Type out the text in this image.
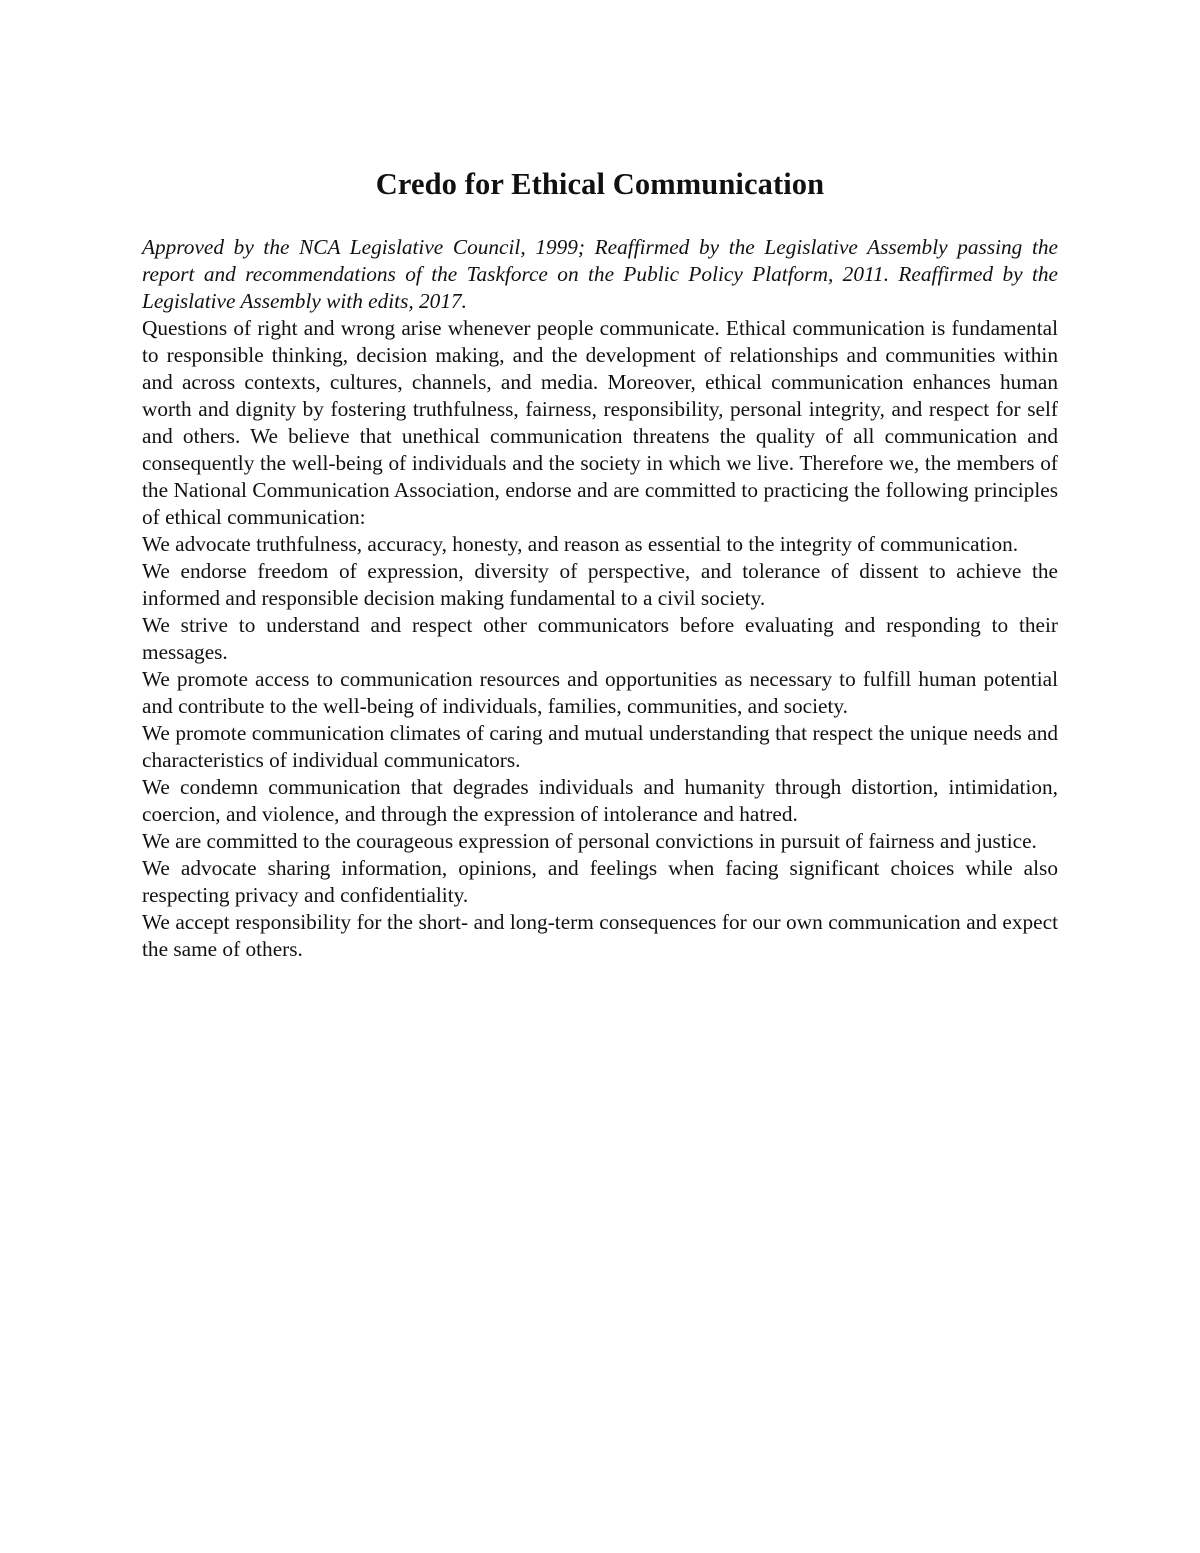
Credo for Ethical Communication

Approved by the NCA Legislative Council, 1999; Reaffirmed by the Legislative Assembly passing the report and recommendations of the Taskforce on the Public Policy Platform, 2011. Reaffirmed by the Legislative Assembly with edits, 2017.

Questions of right and wrong arise whenever people communicate. Ethical communication is fundamental to responsible thinking, decision making, and the development of relationships and communities within and across contexts, cultures, channels, and media. Moreover, ethical communication enhances human worth and dignity by fostering truthfulness, fairness, responsibility, personal integrity, and respect for self and others. We believe that unethical communication threatens the quality of all communication and consequently the well-being of individuals and the society in which we live. Therefore we, the members of the National Communication Association, endorse and are committed to practicing the following principles of ethical communication:

We advocate truthfulness, accuracy, honesty, and reason as essential to the integrity of communication.

We endorse freedom of expression, diversity of perspective, and tolerance of dissent to achieve the informed and responsible decision making fundamental to a civil society.

We strive to understand and respect other communicators before evaluating and responding to their messages.

We promote access to communication resources and opportunities as necessary to fulfill human potential and contribute to the well-being of individuals, families, communities, and society.

We promote communication climates of caring and mutual understanding that respect the unique needs and characteristics of individual communicators.

We condemn communication that degrades individuals and humanity through distortion, intimidation, coercion, and violence, and through the expression of intolerance and hatred.

We are committed to the courageous expression of personal convictions in pursuit of fairness and justice.

We advocate sharing information, opinions, and feelings when facing significant choices while also respecting privacy and confidentiality.

We accept responsibility for the short- and long-term consequences for our own communication and expect the same of others.
